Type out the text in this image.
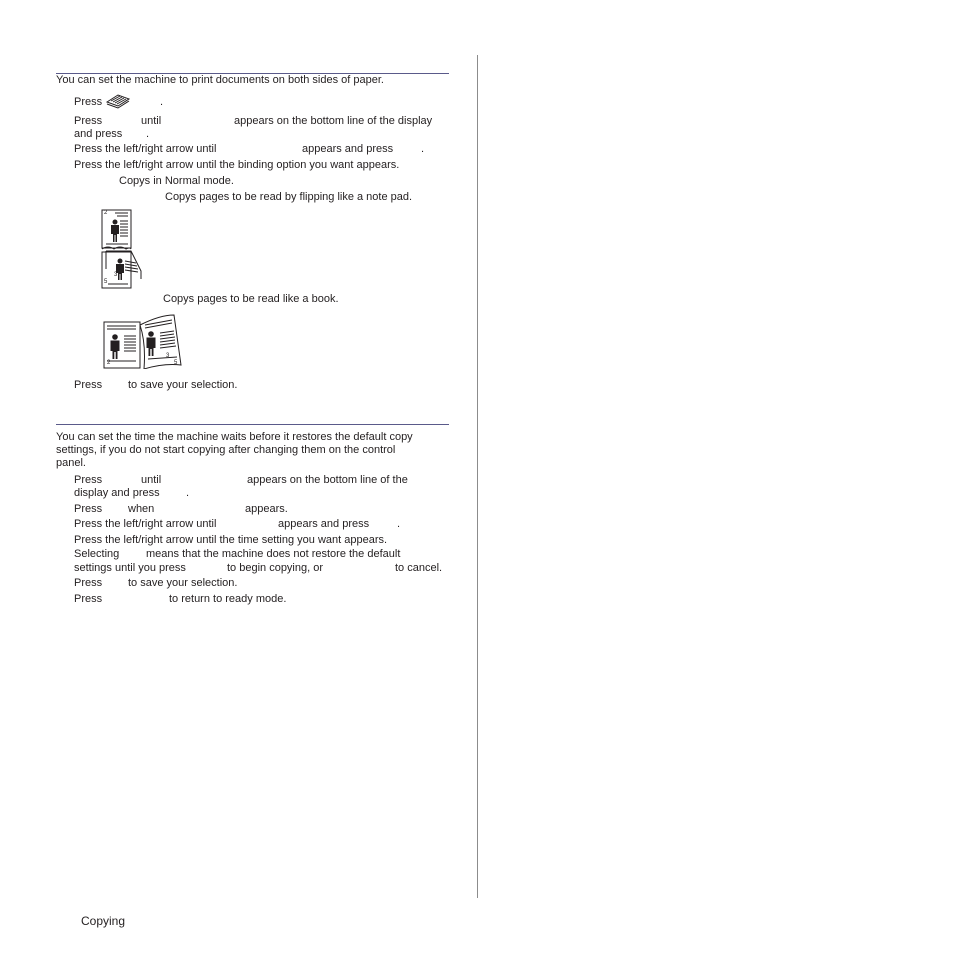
You can set the machine to print documents on both sides of paper.
Press	.
Press	until	appears on the bottom line of the display
and press .
Press the left/right arrow until	appears and press	.
Press the left/right arrow until the binding option you want appears.
Copys in Normal mode.
Copys pages to be read by flipping like a note pad.
2
3
5
Copys pages to be read like a book.
2
3
5
Press to save your selection.
You can set the time the machine waits before it restores the default copy
settings, if you do not start copying after changing them on the control
panel.
Press	until	appears on the bottom line of the
display and press .
Press when	appears.
Press the left/right arrow until	appears and press	.
Press the left/right arrow until the time setting you want appears.
Selecting means that the machine does not restore the default
settings until you press	to begin copying, or	to cancel.
Press to save your selection.
Press	to return to ready mode.
Copying
